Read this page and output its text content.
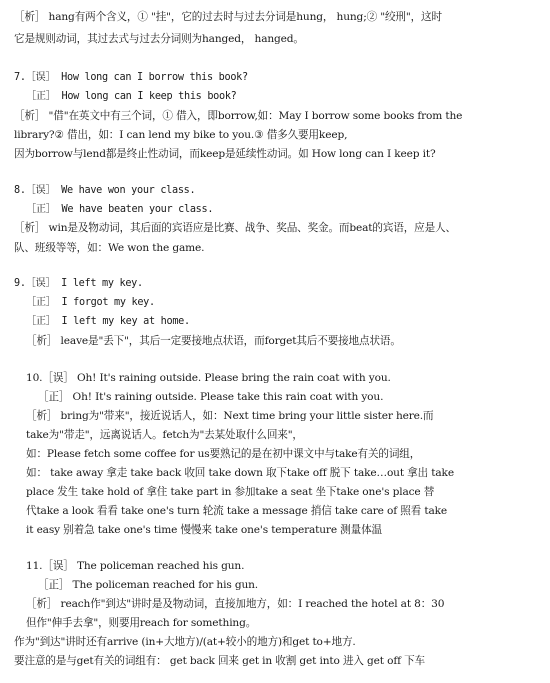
［析］ hang有两个含义，① "挂"，它的过去时与过去分词是hung， hung;② "绞刑"，这时
它是规则动词，其过去式与过去分词则为hanged， hanged。
7.［误］ How long can I borrow this book?
［正］ How long can I keep this book?
［析］ "借"在英文中有三个词，① 借入，即borrow,如：May I borrow some books from the
library?② 借出，如：I can lend my bike to you.③ 借多久要用keep,
因为borrow与lend都是终止性动词，而keep是延续性动词。如 How long can I keep it?
8.［误］ We have won your class.
［正］ We have beaten your class.
［析］ win是及物动词，其后面的宾语应是比赛、战争、奖品、奖金。而beat的宾语，应是人、
队、班级等等，如：We won the game.
9.［误］ I left my key.
［正］ I forgot my key.
［正］ I left my key at home.
［析］ leave是"丢下"，其后一定要接地点状语，而forget其后不要接地点状语。
10.［误］ Oh! It's raining outside. Please bring the rain coat with you.
［正］ Oh! It's raining outside. Please take this rain coat with you.
［析］ bring为"带来"，接近说话人，如：Next time bring your little sister here.而
take为"带走"，远离说话人。fetch为"去某处取什么回来"，
如：Please fetch some coffee for us要熟记的是在初中课文中与take有关的词组，
如： take away 拿走 take back 收回 take down 取下take off 脱下 take…out 拿出 take
place 发生 take hold of 拿住 take part in 参加take a seat 坐下take one's place 替
代take a look 看看 take one's turn 轮流 take a message 捎信 take care of 照看 take
it easy 别着急 take one's time 慢慢来 take one's temperature 测量体温
11.［误］ The policeman reached his gun.
［正］ The policeman reached for his gun.
［析］ reach作"到达"讲时是及物动词，直接加地方，如：I reached the hotel at 8：30
但作"伸手去拿"，则要用reach for something。
作为"到达"讲时还有arrive (in+大地方)/(at+较小的地方)和get to+地方.
要注意的是与get有关的词组有： get back 回来 get in 收割 get into 进入 get off 下车
